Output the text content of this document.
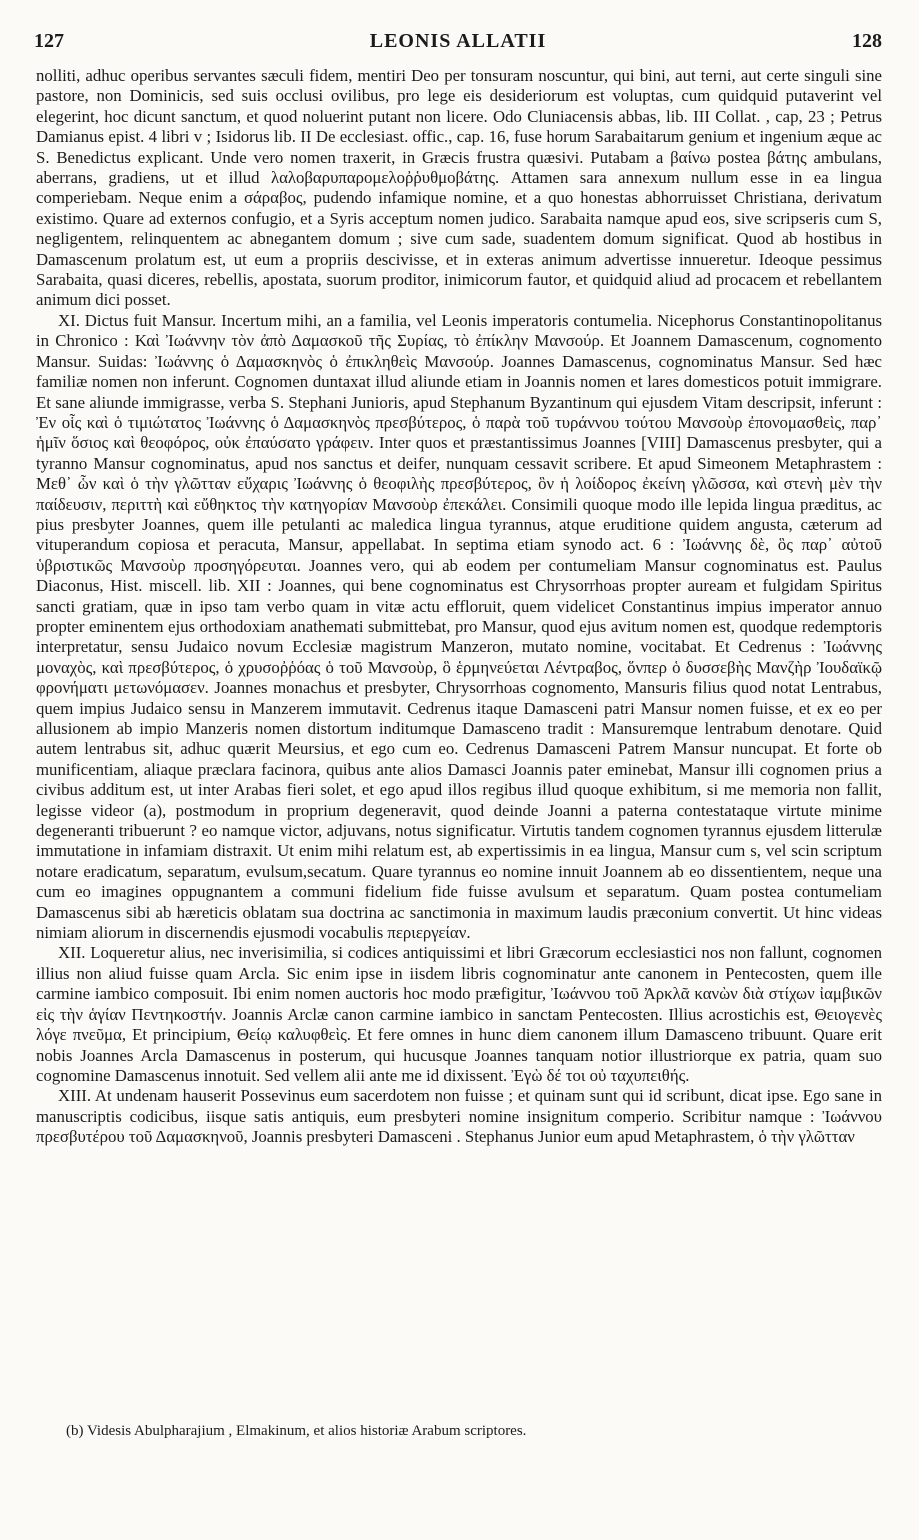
127	LEONIS ALLATII	128

nolliti, adhuc operibus servantes sæculi fidem, mentiri Deo per tonsuram noscuntur, qui bini, aut terni, aut certe singuli sine pastore, non Dominicis, sed suis occlusi ovilibus, pro lege eis desideriorum est voluptas, cum quidquid putaverint vel elegerint, hoc dicunt sanctum, et quod noluerint putant non licere. Odo Cluniacensis abbas, lib. III Collat. , cap, 23 ; Petrus Damianus epist. 4 libri v ; Isidorus lib. II De ecclesiast. offic., cap. 16, fuse horum Sarabaitarum genium et ingenium æque ac S. Benedictus explicant. Unde vero nomen traxerit, in Græcis frustra quæsivi. Putabam a βαίνω postea βάτης ambulans, aberrans, gradiens, ut et illud λαλοβαρυπαρομελοῤῥυθμοβάτης. Attamen sara annexum nullum esse in ea lingua comperiebam. Neque enim a σάραβος, pudendo infamique nomine, et a quo honestas abhorruisset Christiana, derivatum existimo. Quare ad externos confugio, et a Syris acceptum nomen judico. Sarabaita namque apud eos, sive scripseris cum S, negligentem, relinquentem ac abnegantem domum ; sive cum sade, suadentem domum significat. Quod ab hostibus in Damascenum prolatum est, ut eum a propriis descivisse, et in exteras animum advertisse innueretur. Ideoque pessimus Sarabaita, quasi diceres, rebellis, apostata, suorum proditor, inimicorum fautor, et quidquid aliud ad procacem et rebellantem animum dici posset.

XI. Dictus fuit Mansur. Incertum mihi, an a familia, vel Leonis imperatoris contumelia. Nicephorus Constantinopolitanus in Chronico : Καὶ Ἰωάννην τὸν ἀπὸ Δαμασκοῦ τῆς Συρίας, τὸ ἐπίκλην Μανσούρ. Et Joannem Damascenum, cognomento Mansur. Suidas: Ἰωάννης ὁ Δαμασκηνὸς ὁ ἐπικληθεὶς Μανσούρ. Joannes Damascenus, cognominatus Mansur. Sed hæc familiæ nomen non inferunt. Cognomen duntaxat illud aliunde etiam in Joannis nomen et lares domesticos potuit immigrare. Et sane aliunde immigrasse, verba S. Stephani Junioris, apud Stephanum Byzantinum qui ejusdem Vitam descripsit, inferunt : Ἐν οἷς καὶ ὁ τιμιώτατος Ἰωάννης ὁ Δαμασκηνὸς πρεσβύτερος, ὁ παρὰ τοῦ τυράννου τούτου Μανσοὺρ ἐπονομασθεὶς, παρ᾽ ἡμῖν ὅσιος καὶ θεοφόρος, οὐκ ἐπαύσατο γράφειν. Inter quos et præstantissimus Joannes [VIII] Damascenus presbyter, qui a tyranno Mansur cognominatus, apud nos sanctus et deifer, nunquam cessavit scribere. Et apud Simeonem Metaphrastem : Μεθ᾽ ὧν καὶ ὁ τὴν γλῶτταν εὔχαρις Ἰωάννης ὁ θεοφιλὴς πρεσβύτερος, ὃν ἡ λοίδορος ἐκείνη γλῶσσα, καὶ στενὴ μὲν τὴν παίδευσιν, περιττὴ καὶ εὔθηκτος τὴν κατηγορίαν Μανσοὺρ ἐπεκάλει. Consimili quoque modo ille lepida lingua præditus, ac pius presbyter Joannes, quem ille petulanti ac maledica lingua tyrannus, atque eruditione quidem angusta, cæterum ad vituperandum copiosa et peracuta, Mansur, appellabat. In septima etiam synodo act. 6 : Ἰωάννης δὲ, ὃς παρ᾽ αὐτοῦ ὑβριστικῶς Μανσοὺρ προσηγόρευται. Joannes vero, qui ab eodem per contumeliam Mansur cognominatus est. Paulus Diaconus, Hist. miscell. lib. XII : Joannes, qui bene cognominatus est Chrysorrhoas propter auream et fulgidam Spiritus sancti gratiam, quæ in ipso tam verbo quam in vitæ actu effloruit, quem videlicet Constantinus impius imperator annuo propter eminentem ejus orthodoxiam anathemati submittebat, pro Mansur, quod ejus avitum nomen est, quodque redemptoris interpretatur, sensu Judaico novum Ecclesiæ magistrum Manzeron, mutato nomine, vocitabat. Et Cedrenus : Ἰωάννης μοναχὸς, καὶ πρεσβύτερος, ὁ χρυσοῤῥόας ὁ τοῦ Μανσοὺρ, ὃ ἑρμηνεύεται Λέντραβος, ὅνπερ ὁ δυσσεβὴς Μανζὴρ Ἰουδαϊκῷ φρονήματι μετωνόμασεν. Joannes monachus et presbyter, Chrysorrhoas cognomento, Mansuris filius quod notat Lentrabus, quem impius Judaico sensu in Manzerem immutavit. Cedrenus itaque Damasceni patri Mansur nomen fuisse, et ex eo per allusionem ab impio Manzeris nomen distortum inditumque Damasceno tradit : Mansuremque lentrabum denotare. Quid autem lentrabus sit, adhuc quærit Meursius, et ego cum eo. Cedrenus Damasceni Patrem Mansur nuncupat. Et forte ob munificentiam, aliaque præclara facinora, quibus ante alios Damasci Joannis pater eminebat, Mansur illi cognomen prius a civibus additum est, ut inter Arabas fieri solet, et ego apud illos regibus illud quoque exhibitum, si me memoria non fallit, legisse videor (a), postmodum in proprium degeneravit, quod deinde Joanni a paterna contestataque virtute minime degeneranti tribuerunt ? eo namque victor, adjuvans, notus significatur. Virtutis tandem cognomen tyrannus ejusdem litterulæ immutatione in infamiam distraxit. Ut enim mihi relatum est, ab expertissimis in ea lingua, Mansur cum s, vel scin scriptum notare eradicatum, separatum, evulsum,secatum. Quare tyrannus eo nomine innuit Joannem ab eo dissentientem, neque una cum eo imagines oppugnantem a communi fidelium fide fuisse avulsum et separatum. Quam postea contumeliam Damascenus sibi ab hæreticis oblatam sua doctrina ac sanctimonia in maximum laudis præconium convertit. Ut hinc videas nimiam aliorum in discernendis ejusmodi vocabulis περιεργείαν.

XII. Loqueretur alius, nec inverisimilia, si codices antiquissimi et libri Græcorum ecclesiastici nos non fallunt, cognomen illius non aliud fuisse quam Arcla. Sic enim ipse in iisdem libris cognominatur ante canonem in Pentecosten, quem ille carmine iambico composuit. Ibi enim nomen auctoris hoc modo præfigitur, Ἰωάννου τοῦ Ἀρκλᾶ κανὼν διὰ στίχων ἰαμβικῶν εἰς τὴν ἁγίαν Πεντηκοστήν. Joannis Arclæ canon carmine iambico in sanctam Pentecosten. Illius acrostichis est, Θειογενὲς λόγε πνεῦμα, Et principium, Θείῳ καλυφθεὶς. Et fere omnes in hunc diem canonem illum Damasceno tribuunt. Quare erit nobis Joannes Arcla Damascenus in posterum, qui hucusque Joannes tanquam notior illustriorque ex patria, quam suo cognomine Damascenus innotuit. Sed vellem alii ante me id dixissent. Ἐγὼ δέ τοι οὐ ταχυπειθής.

XIII. At undenam hauserit Possevinus eum sacerdotem non fuisse ; et quinam sunt qui id scribunt, dicat ipse. Ego sane in manuscriptis codicibus, iisque satis antiquis, eum presbyteri nomine insignitum comperio. Scribitur namque : Ἰωάννου πρεσβυτέρου τοῦ Δαμασκηνοῦ, Joannis presbyteri Damasceni . Stephanus Junior eum apud Metaphrastem, ὁ τὴν γλῶτταν

(b) Videsis Abulpharajium , Elmakinum, et alios historiæ Arabum scriptores.
